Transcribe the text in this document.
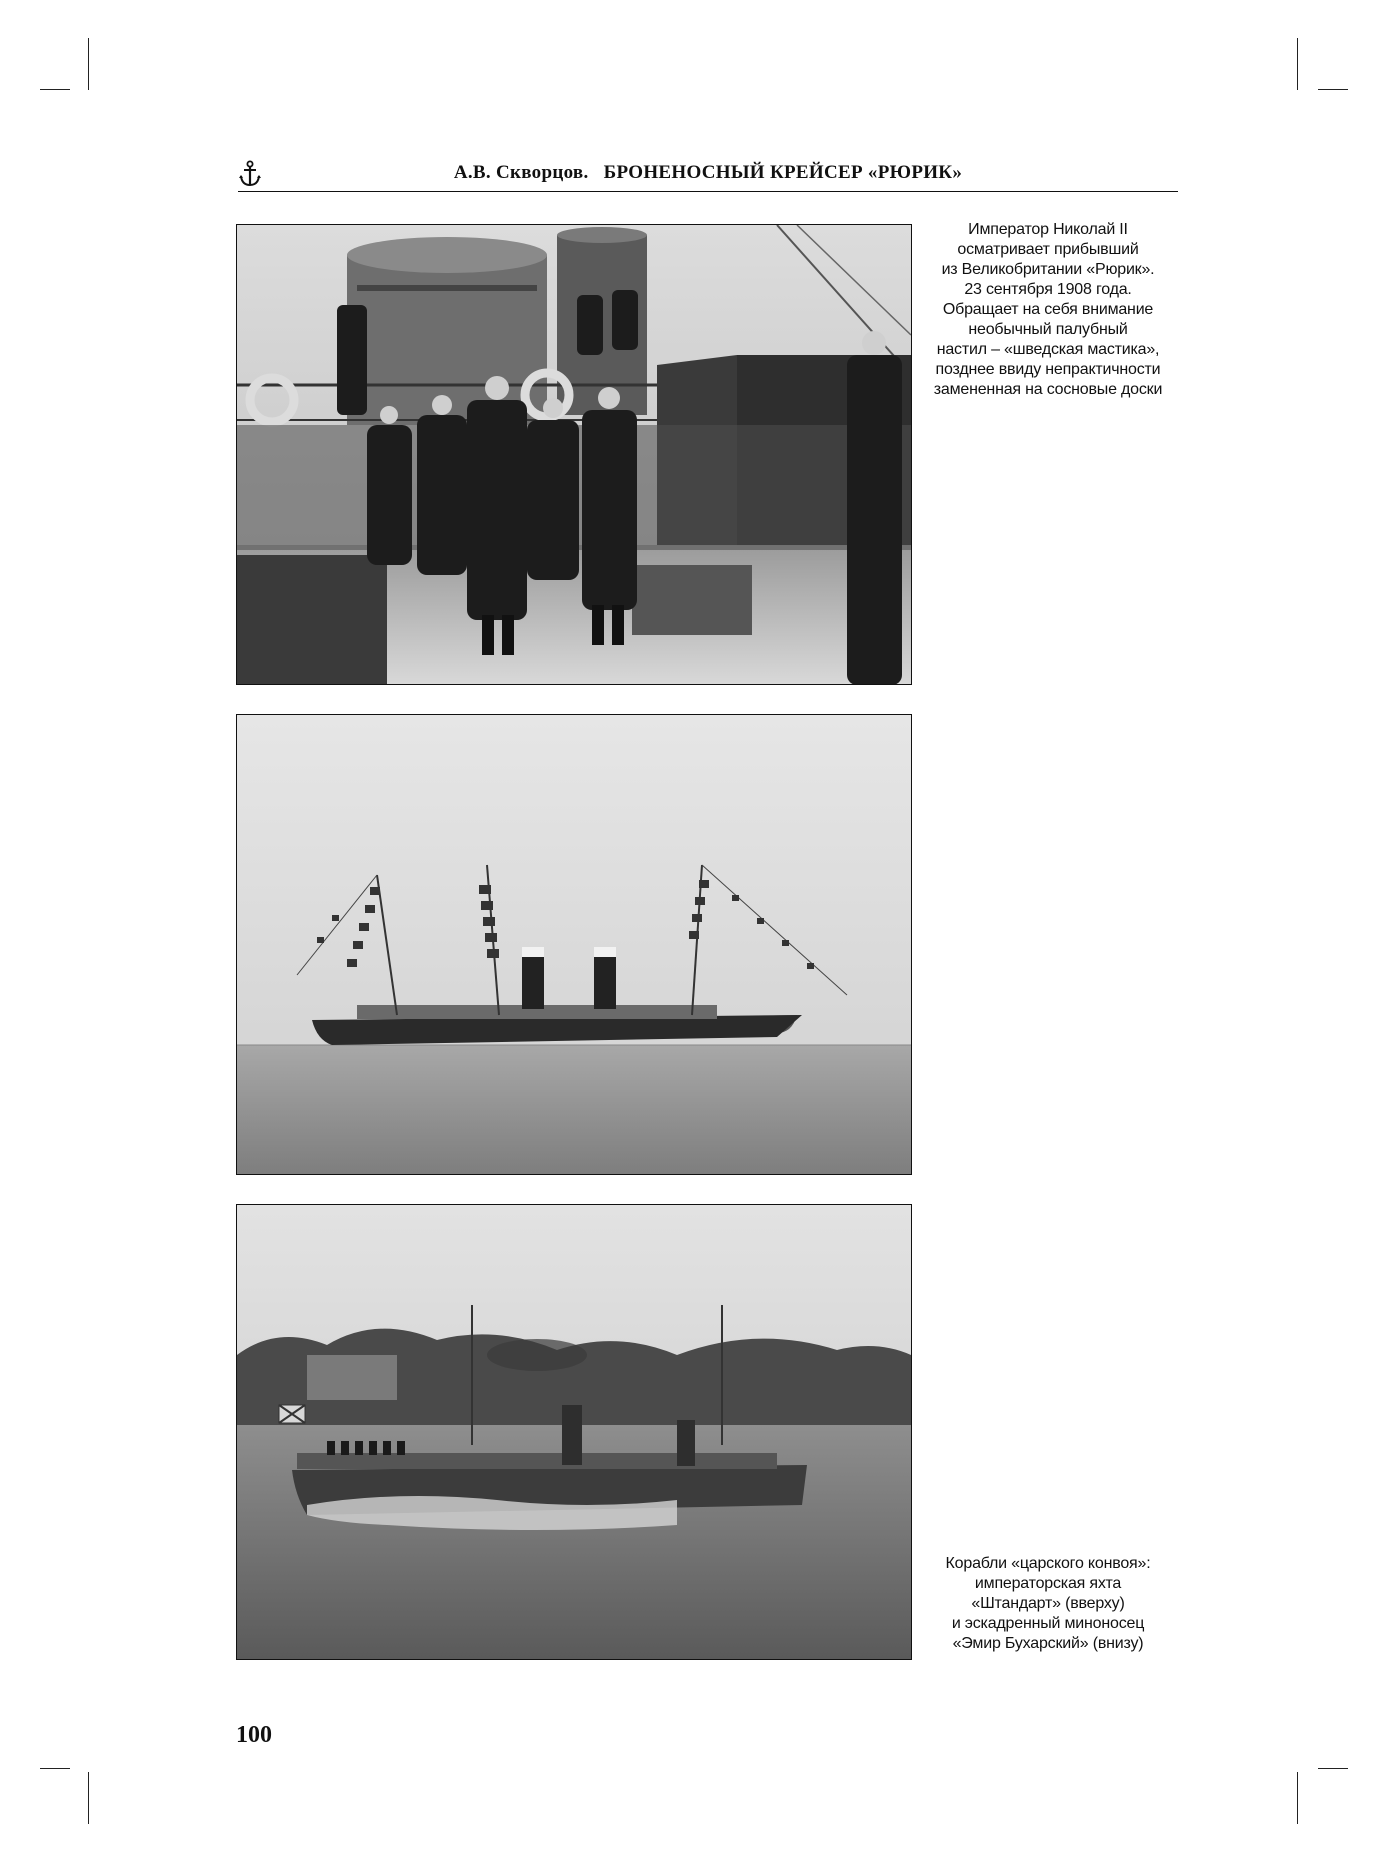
А.В. Скворцов. БРОНЕНОСНЫЙ КРЕЙСЕР «РЮРИК»
Император Николай II
осматривает прибывший
из Великобритании «Рюрик».
23 сентября 1908 года.
Обращает на себя внимание
необычный палубный
настил – «шведская мастика»,
позднее ввиду непрактичности
замененная на сосновые доски
Корабли «царского конвоя»:
императорская яхта
«Штандарт» (вверху)
и эскадренный миноносец
«Эмир Бухарский» (внизу)
100
